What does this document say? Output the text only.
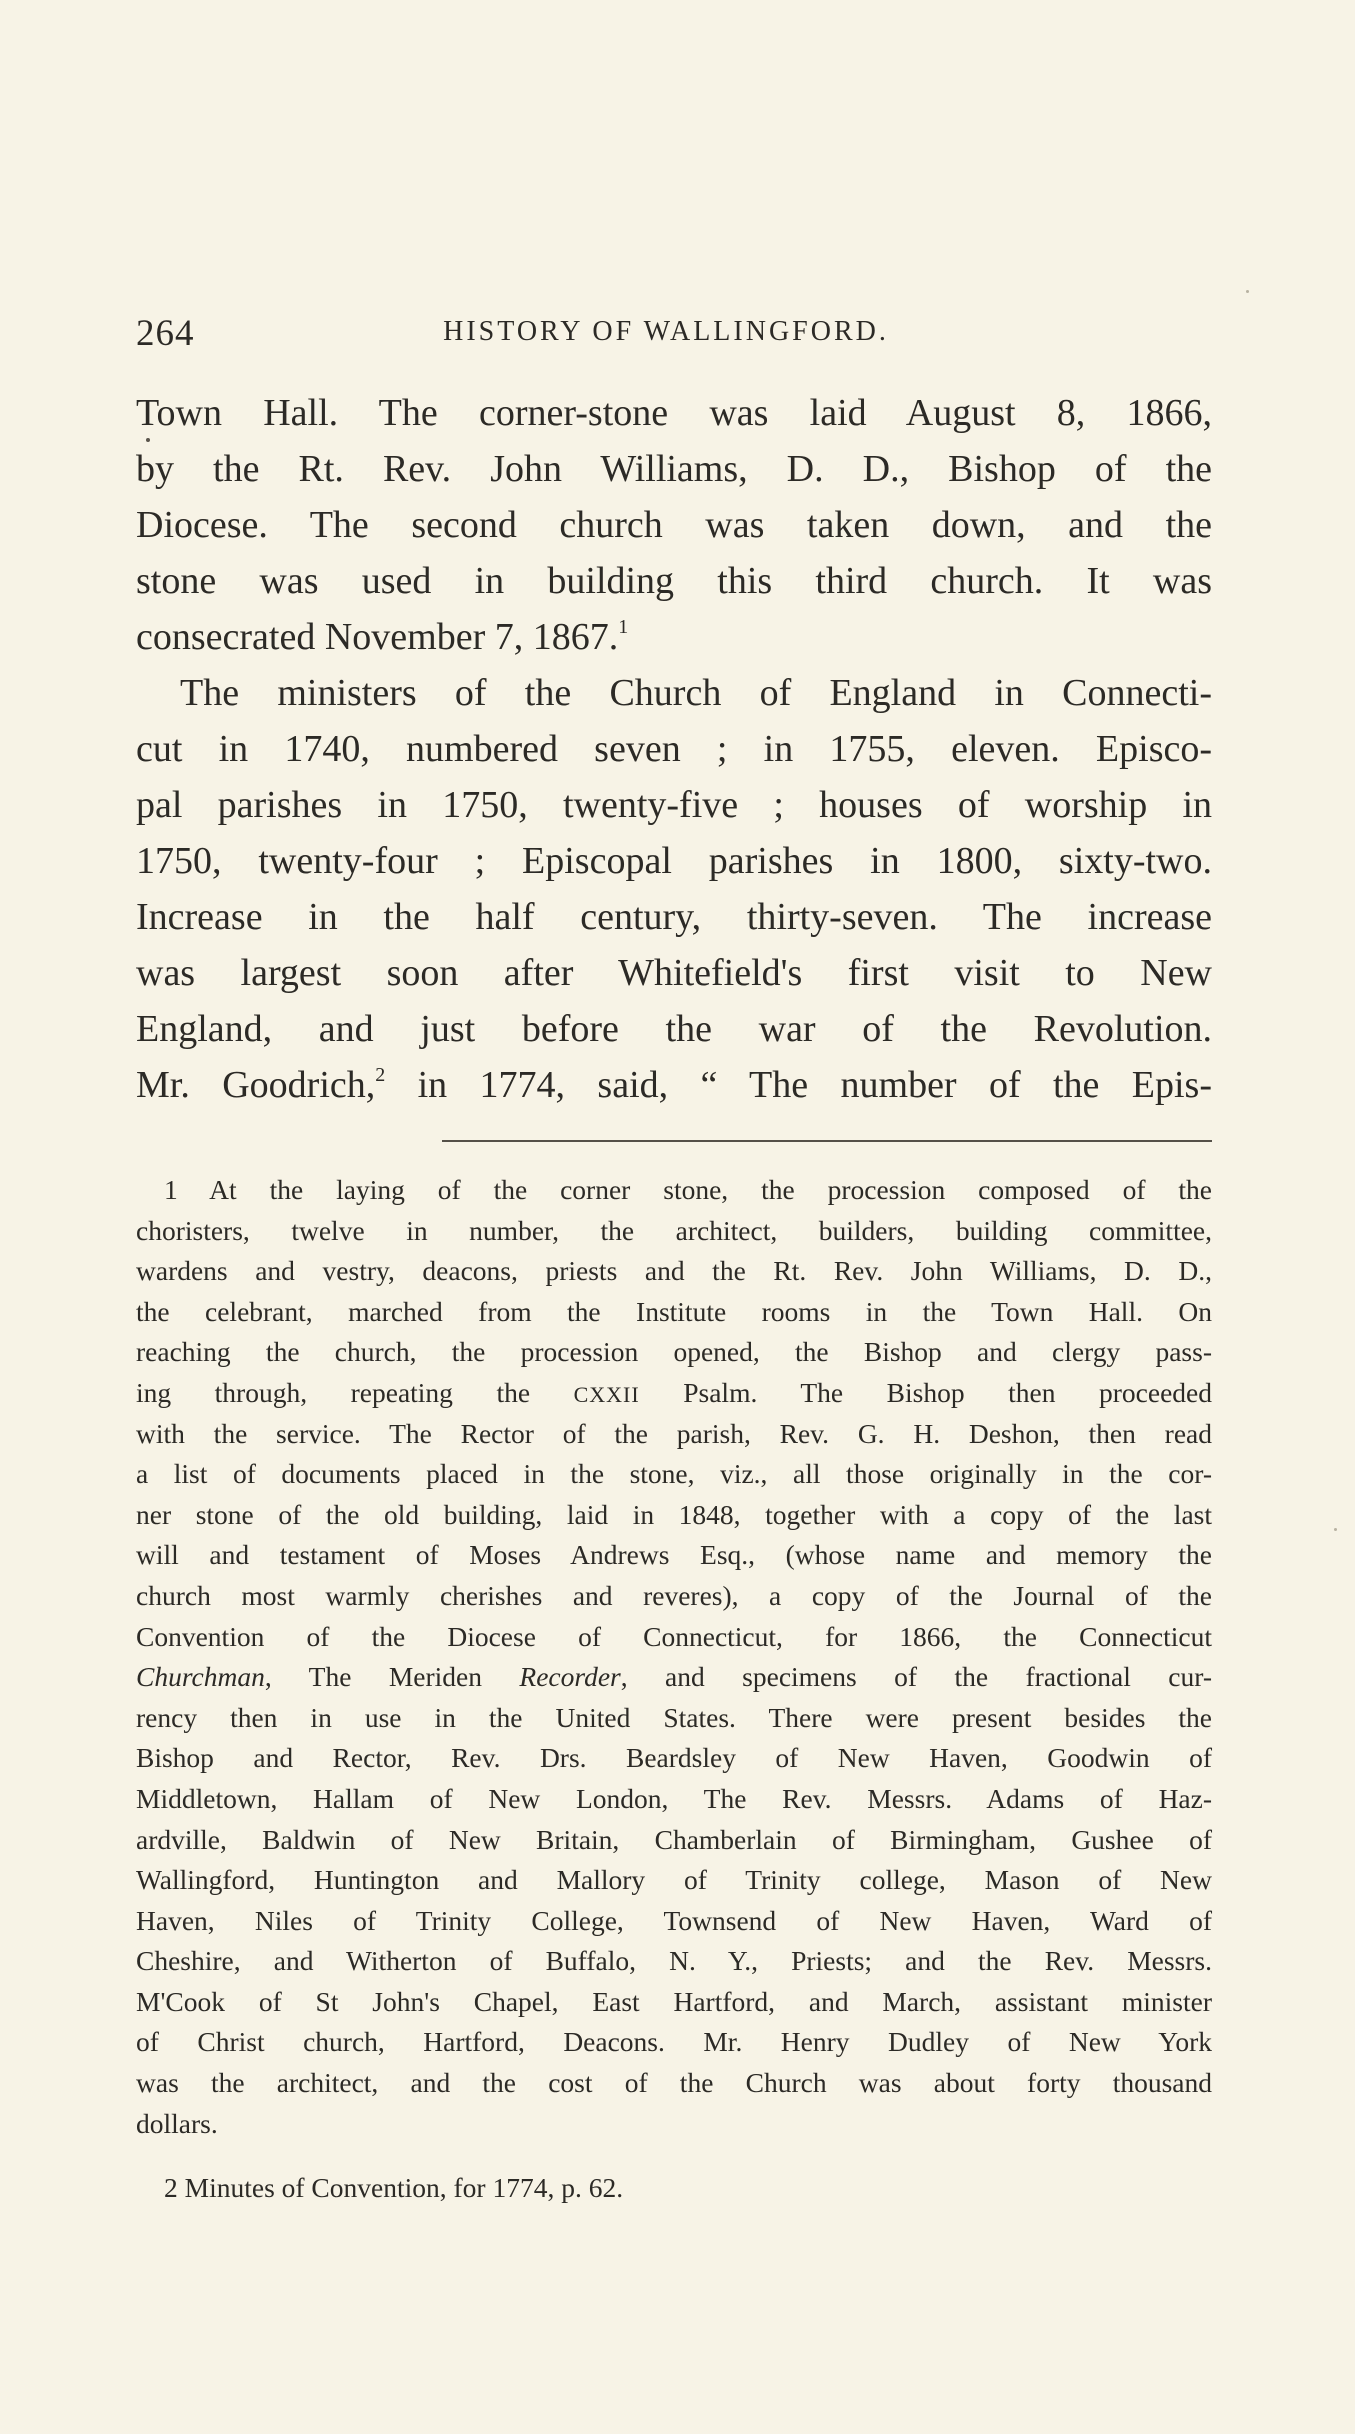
264	HISTORY OF WALLINGFORD.
Town Hall. The corner-stone was laid August 8, 1866,
by the Rt. Rev. John Williams, D. D., Bishop of the
Diocese. The second church was taken down, and the
stone was used in building this third church. It was
consecrated November 7, 1867.$^1$
The ministers of the Church of England in Connecti-
cut in 1740, numbered seven ; in 1755, eleven. Episco-
pal parishes in 1750, twenty-five ; houses of worship in
1750, twenty-four ; Episcopal parishes in 1800, sixty-two.
Increase in the half century, thirty-seven. The increase
was largest soon after Whitefield's first visit to New
England, and just before the war of the Revolution.
Mr. Goodrich,$^2$ in 1774, said, “ The number of the Epis-
1 At the laying of the corner stone, the procession composed of the
choristers, twelve in number, the architect, builders, building committee,
wardens and vestry, deacons, priests and the Rt. Rev. John Williams, D. D.,
the celebrant, marched from the Institute rooms in the Town Hall. On
reaching the church, the procession opened, the Bishop and clergy pass-
ing through, repeating the CXXII Psalm. The Bishop then proceeded
with the service. The Rector of the parish, Rev. G. H. Deshon, then read
a list of documents placed in the stone, viz., all those originally in the cor-
ner stone of the old building, laid in 1848, together with a copy of the last
will and testament of Moses Andrews Esq., (whose name and memory the
church most warmly cherishes and reveres), a copy of the Journal of the
Convention of the Diocese of Connecticut, for 1866, the Connecticut
Churchman, The Meriden Recorder, and specimens of the fractional cur-
rency then in use in the United States. There were present besides the
Bishop and Rector, Rev. Drs. Beardsley of New Haven, Goodwin of
Middletown, Hallam of New London, The Rev. Messrs. Adams of Haz-
ardville, Baldwin of New Britain, Chamberlain of Birmingham, Gushee of
Wallingford, Huntington and Mallory of Trinity college, Mason of New
Haven, Niles of Trinity College, Townsend of New Haven, Ward of
Cheshire, and Witherton of Buffalo, N. Y., Priests; and the Rev. Messrs.
M'Cook of St John's Chapel, East Hartford, and March, assistant minister
of Christ church, Hartford, Deacons. Mr. Henry Dudley of New York
was the architect, and the cost of the Church was about forty thousand
dollars.
2 Minutes of Convention, for 1774, p. 62.
